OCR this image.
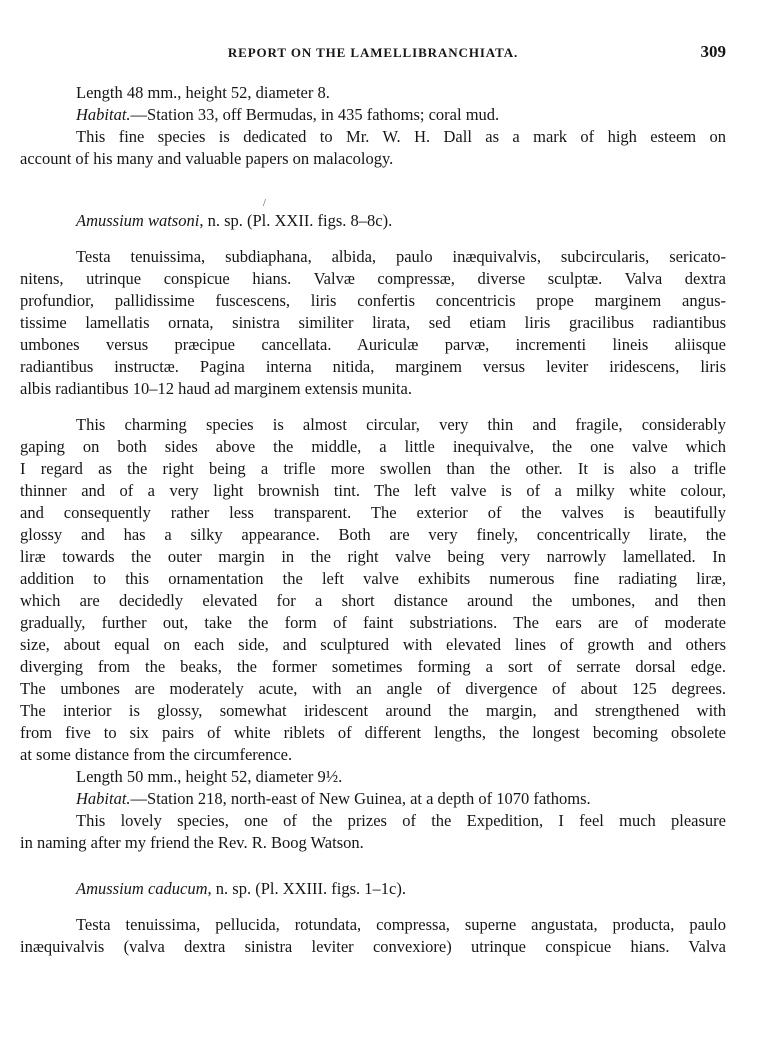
REPORT ON THE LAMELLIBRANCHIATA.	309
/
Length 48 mm., height 52, diameter 8.
Habitat.—Station 33, off Bermudas, in 435 fathoms; coral mud.
This fine species is dedicated to Mr. W. H. Dall as a mark of high esteem on
account of his many and valuable papers on malacology.
Amussium watsoni, n. sp. (Pl. XXII. figs. 8–8c).
Testa tenuissima, subdiaphana, albida, paulo inæquivalvis, subcircularis, sericato-
nitens, utrinque conspicue hians. Valvæ compressæ, diverse sculptæ. Valva dextra
profundior, pallidissime fuscescens, liris confertis concentricis prope marginem angus-
tissime lamellatis ornata, sinistra similiter lirata, sed etiam liris gracilibus radiantibus
umbones versus præcipue cancellata. Auriculæ parvæ, incrementi lineis aliisque
radiantibus instructæ. Pagina interna nitida, marginem versus leviter iridescens, liris
albis radiantibus 10–12 haud ad marginem extensis munita.
This charming species is almost circular, very thin and fragile, considerably
gaping on both sides above the middle, a little inequivalve, the one valve which
I regard as the right being a trifle more swollen than the other. It is also a trifle
thinner and of a very light brownish tint. The left valve is of a milky white colour,
and consequently rather less transparent. The exterior of the valves is beautifully
glossy and has a silky appearance. Both are very finely, concentrically lirate, the
liræ towards the outer margin in the right valve being very narrowly lamellated. In
addition to this ornamentation the left valve exhibits numerous fine radiating liræ,
which are decidedly elevated for a short distance around the umbones, and then
gradually, further out, take the form of faint substriations. The ears are of moderate
size, about equal on each side, and sculptured with elevated lines of growth and others
diverging from the beaks, the former sometimes forming a sort of serrate dorsal edge.
The umbones are moderately acute, with an angle of divergence of about 125 degrees.
The interior is glossy, somewhat iridescent around the margin, and strengthened with
from five to six pairs of white riblets of different lengths, the longest becoming obsolete
at some distance from the circumference.
Length 50 mm., height 52, diameter 9½.
Habitat.—Station 218, north-east of New Guinea, at a depth of 1070 fathoms.
This lovely species, one of the prizes of the Expedition, I feel much pleasure
in naming after my friend the Rev. R. Boog Watson.
Amussium caducum, n. sp. (Pl. XXIII. figs. 1–1c).
Testa tenuissima, pellucida, rotundata, compressa, superne angustata, producta, paulo
inæquivalvis (valva dextra sinistra leviter convexiore) utrinque conspicue hians. Valva
